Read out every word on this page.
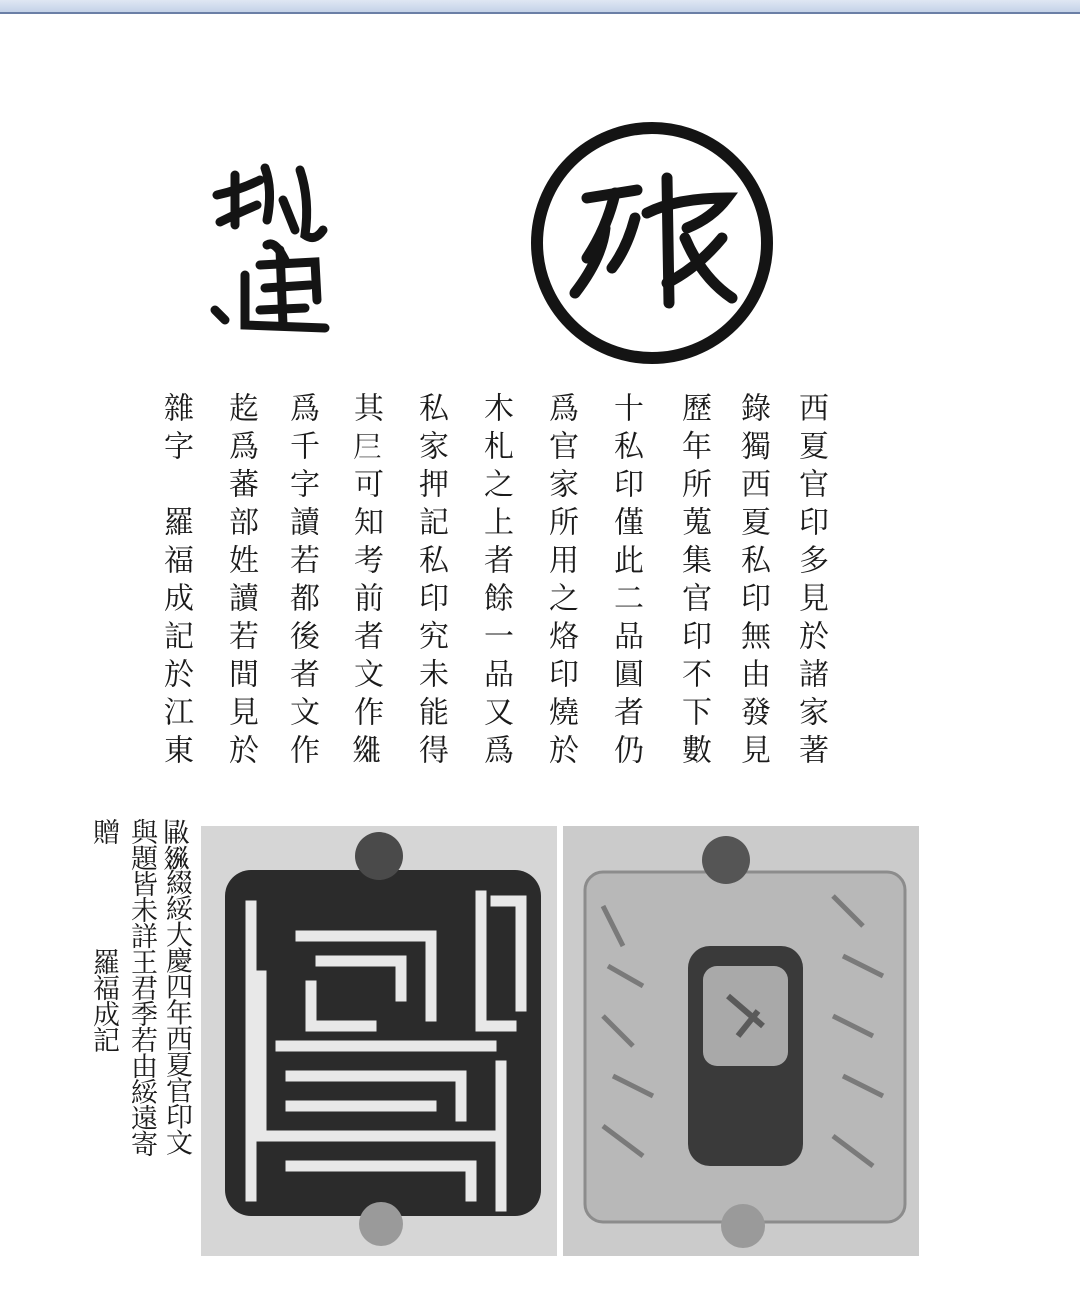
西夏官印多見於諸家著
錄獨西夏私印無由發見
歷年所蒐集官印不下數
十私印僅此二品圓者仍
爲官家所用之烙印燒於
木札之上者餘一品又爲
私家押記私印究未能得
其𡰥可知考前者文作𗋊
爲千字讀若都後者文作
䞘爲蕃部姓讀若間見於
雜字　羅福成記於江東
𗁹𗿍綴綏大慶四年西夏官印文
與題皆未詳王君季若由綏遠寄
贈　　　　羅福成記
